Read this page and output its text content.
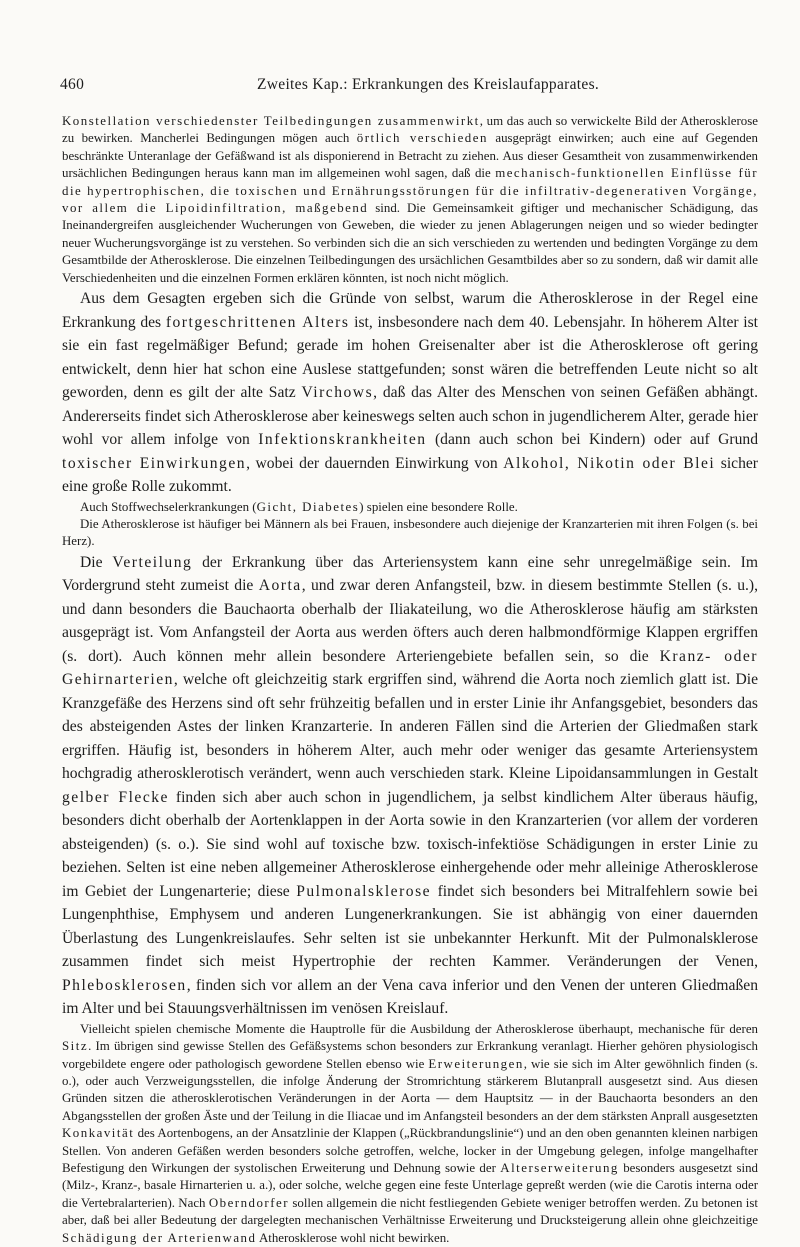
460	Zweites Kap.: Erkrankungen des Kreislaufapparates.

Konstellation verschiedenster Teilbedingungen zusammenwirkt, um das auch so verwickelte Bild der Atherosklerose zu bewirken. Mancherlei Bedingungen mögen auch örtlich verschieden ausgeprägt einwirken; auch eine auf Gegenden beschränkte Unteranlage der Gefäßwand ist als disponierend in Betracht zu ziehen. Aus dieser Gesamtheit von zusammenwirkenden ursächlichen Bedingungen heraus kann man im allgemeinen wohl sagen, daß die mechanisch-funktionellen Einflüsse für die hypertrophischen, die toxischen und Ernährungsstörungen für die infiltrativ-degenerativen Vorgänge, vor allem die Lipoidinfiltration, maßgebend sind. Die Gemeinsamkeit giftiger und mechanischer Schädigung, das Ineinandergreifen ausgleichender Wucherungen von Geweben, die wieder zu jenen Ablagerungen neigen und so wieder bedingter neuer Wucherungsvorgänge ist zu verstehen. So verbinden sich die an sich verschieden zu wertenden und bedingten Vorgänge zu dem Gesamtbilde der Atherosklerose. Die einzelnen Teilbedingungen des ursächlichen Gesamtbildes aber so zu sondern, daß wir damit alle Verschiedenheiten und die einzelnen Formen erklären könnten, ist noch nicht möglich.

Aus dem Gesagten ergeben sich die Gründe von selbst, warum die Atherosklerose in der Regel eine Erkrankung des fortgeschrittenen Alters ist, insbesondere nach dem 40. Lebensjahr. In höherem Alter ist sie ein fast regelmäßiger Befund; gerade im hohen Greisenalter aber ist die Atherosklerose oft gering entwickelt, denn hier hat schon eine Auslese stattgefunden; sonst wären die betreffenden Leute nicht so alt geworden, denn es gilt der alte Satz Virchows, daß das Alter des Menschen von seinen Gefäßen abhängt. Andererseits findet sich Atherosklerose aber keineswegs selten auch schon in jugendlicherem Alter, gerade hier wohl vor allem infolge von Infektionskrankheiten (dann auch schon bei Kindern) oder auf Grund toxischer Einwirkungen, wobei der dauernden Einwirkung von Alkohol, Nikotin oder Blei sicher eine große Rolle zukommt.

Auch Stoffwechselerkrankungen (Gicht, Diabetes) spielen eine besondere Rolle.

Die Atherosklerose ist häufiger bei Männern als bei Frauen, insbesondere auch diejenige der Kranzarterien mit ihren Folgen (s. bei Herz).

Die Verteilung der Erkrankung über das Arteriensystem kann eine sehr unregelmäßige sein. Im Vordergrund steht zumeist die Aorta, und zwar deren Anfangsteil, bzw. in diesem bestimmte Stellen (s. u.), und dann besonders die Bauchaorta oberhalb der Iliakateilung, wo die Atherosklerose häufig am stärksten ausgeprägt ist. Vom Anfangsteil der Aorta aus werden öfters auch deren halbmondförmige Klappen ergriffen (s. dort). Auch können mehr allein besondere Arteriengebiete befallen sein, so die Kranz- oder Gehirnarterien, welche oft gleichzeitig stark ergriffen sind, während die Aorta noch ziemlich glatt ist. Die Kranzgefäße des Herzens sind oft sehr frühzeitig befallen und in erster Linie ihr Anfangsgebiet, besonders das des absteigenden Astes der linken Kranzarterie. In anderen Fällen sind die Arterien der Gliedmaßen stark ergriffen. Häufig ist, besonders in höherem Alter, auch mehr oder weniger das gesamte Arteriensystem hochgradig atherosklerotisch verändert, wenn auch verschieden stark. Kleine Lipoidansammlungen in Gestalt gelber Flecke finden sich aber auch schon in jugendlichem, ja selbst kindlichem Alter überaus häufig, besonders dicht oberhalb der Aortenklappen in der Aorta sowie in den Kranzarterien (vor allem der vorderen absteigenden) (s. o.). Sie sind wohl auf toxische bzw. toxisch-infektiöse Schädigungen in erster Linie zu beziehen. Selten ist eine neben allgemeiner Atherosklerose einhergehende oder mehr alleinige Atherosklerose im Gebiet der Lungenarterie; diese Pulmonalsklerose findet sich besonders bei Mitralfehlern sowie bei Lungenphthise, Emphysem und anderen Lungenerkrankungen. Sie ist abhängig von einer dauernden Überlastung des Lungenkreislaufes. Sehr selten ist sie unbekannter Herkunft. Mit der Pulmonalsklerose zusammen findet sich meist Hypertrophie der rechten Kammer. Veränderungen der Venen, Phlebosklerosen, finden sich vor allem an der Vena cava inferior und den Venen der unteren Gliedmaßen im Alter und bei Stauungsverhältnissen im venösen Kreislauf.

Vielleicht spielen chemische Momente die Hauptrolle für die Ausbildung der Atherosklerose überhaupt, mechanische für deren Sitz. Im übrigen sind gewisse Stellen des Gefäßsystems schon besonders zur Erkrankung veranlagt. Hierher gehören physiologisch vorgebildete engere oder pathologisch gewordene Stellen ebenso wie Erweiterungen, wie sie sich im Alter gewöhnlich finden (s. o.), oder auch Verzweigungsstellen, die infolge Änderung der Stromrichtung stärkerem Blutanprall ausgesetzt sind. Aus diesen Gründen sitzen die atherosklerotischen Veränderungen in der Aorta — dem Hauptsitz — in der Bauchaorta besonders an den Abgangsstellen der großen Äste und der Teilung in die Iliacae und im Anfangsteil besonders an der dem stärksten Anprall ausgesetzten Konkavität des Aortenbogens, an der Ansatzlinie der Klappen („Rückbrandungslinie“) und an den oben genannten kleinen narbigen Stellen. Von anderen Gefäßen werden besonders solche getroffen, welche, locker in der Umgebung gelegen, infolge mangelhafter Befestigung den Wirkungen der systolischen Erweiterung und Dehnung sowie der Alterserweiterung besonders ausgesetzt sind (Milz-, Kranz-, basale Hirnarterien u. a.), oder solche, welche gegen eine feste Unterlage gepreßt werden (wie die Carotis interna oder die Vertebralarterien). Nach Oberndorfer sollen allgemein die nicht festliegenden Gebiete weniger betroffen werden. Zu betonen ist aber, daß bei aller Bedeutung der dargelegten mechanischen Verhältnisse Erweiterung und Drucksteigerung allein ohne gleichzeitige Schädigung der Arterienwand Atherosklerose wohl nicht bewirken.
